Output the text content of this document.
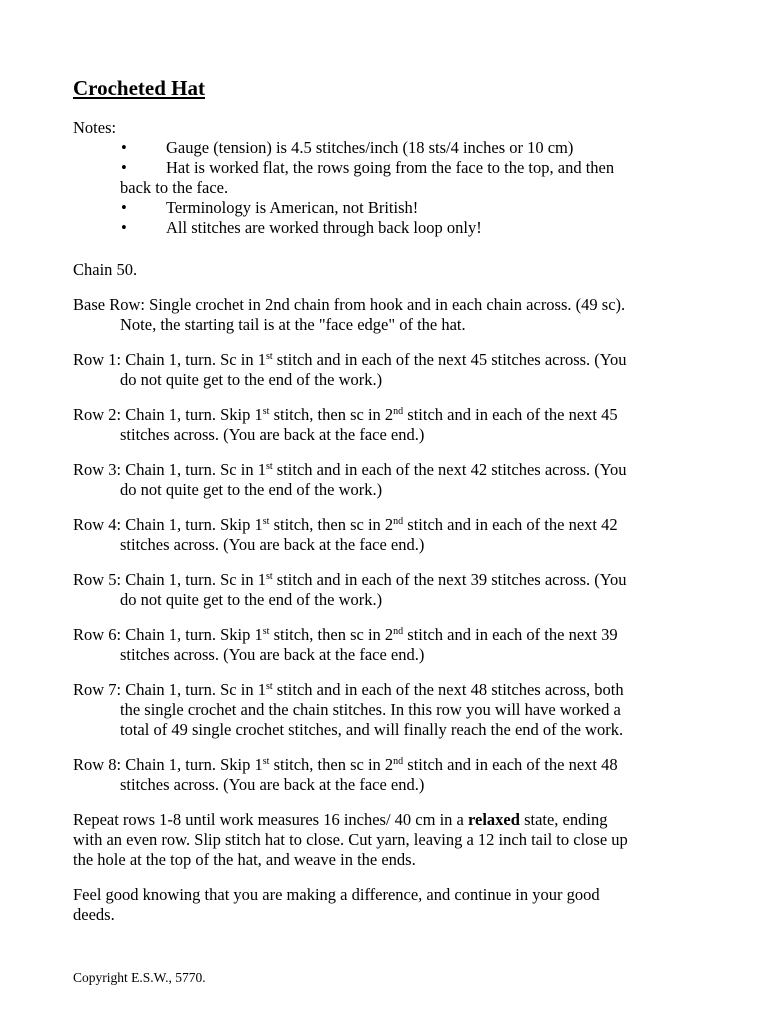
Crocheted Hat

Notes:

•	Gauge (tension) is 4.5 stitches/inch (18 sts/4 inches or 10 cm)
•	Hat is worked flat, the rows going from the face to the top, and then
back to the face.
•	Terminology is American, not British!
•	All stitches are worked through back loop only!

Chain 50.

Base Row: Single crochet in 2nd chain from hook and in each chain across. (49 sc).
Note, the starting tail is at the "face edge" of the hat.

Row 1: Chain 1, turn. Sc in 1st stitch and in each of the next 45 stitches across. (You
do not quite get to the end of the work.)

Row 2: Chain 1, turn. Skip 1st stitch, then sc in 2nd stitch and in each of the next 45
stitches across. (You are back at the face end.)

Row 3: Chain 1, turn. Sc in 1st stitch and in each of the next 42 stitches across. (You
do not quite get to the end of the work.)

Row 4: Chain 1, turn. Skip 1st stitch, then sc in 2nd stitch and in each of the next 42
stitches across. (You are back at the face end.)

Row 5: Chain 1, turn. Sc in 1st stitch and in each of the next 39 stitches across. (You
do not quite get to the end of the work.)

Row 6: Chain 1, turn. Skip 1st stitch, then sc in 2nd stitch and in each of the next 39
stitches across. (You are back at the face end.)

Row 7: Chain 1, turn. Sc in 1st stitch and in each of the next 48 stitches across, both
the single crochet and the chain stitches. In this row you will have worked a
total of 49 single crochet stitches, and will finally reach the end of the work.

Row 8: Chain 1, turn. Skip 1st stitch, then sc in 2nd stitch and in each of the next 48
stitches across. (You are back at the face end.)

Repeat rows 1-8 until work measures 16 inches/ 40 cm in a relaxed state, ending
with an even row. Slip stitch hat to close. Cut yarn, leaving a 12 inch tail to close up
the hole at the top of the hat, and weave in the ends.

Feel good knowing that you are making a difference, and continue in your good
deeds.

Copyright E.S.W., 5770.
